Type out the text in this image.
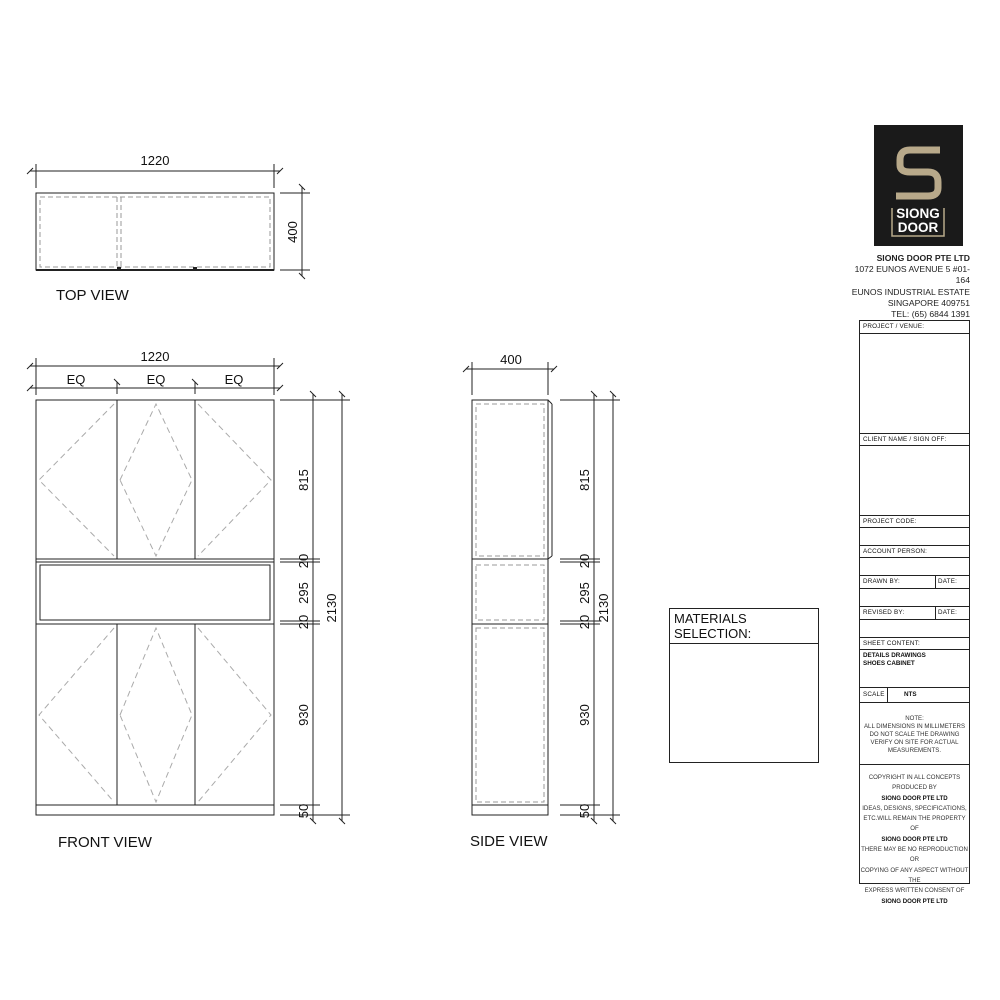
SIONG
DOOR
1220
400
TOP VIEW
1220
EQ	EQ	EQ
815
20
295
20
930
50
2130
FRONT VIEW
400
815
20
295
20
930
50
2130
SIDE VIEW
MATERIALS
SELECTION:
SIONG DOOR PTE LTD
1072 EUNOS AVENUE 5 #01-164
EUNOS INDUSTRIAL ESTATE
SINGAPORE 409751
TEL: (65) 6844 1391
PROJECT / VENUE:
CLIENT NAME / SIGN OFF:
PROJECT CODE:
ACCOUNT PERSON:
DRAWN BY:	DATE:
REVISED BY:	DATE:
SHEET CONTENT:
DETAILS DRAWINGS
SHOES CABINET
SCALE	NTS
NOTE:
ALL DIMENSIONS IN MILLIMETERS
DO NOT SCALE THE DRAWING
VERIFY ON SITE FOR ACTUAL
MEASUREMENTS.
COPYRIGHT IN ALL CONCEPTS
PRODUCED BY
SIONG DOOR PTE LTD
IDEAS, DESIGNS, SPECIFICATIONS,
ETC.WILL REMAIN THE PROPERTY OF
SIONG DOOR PTE LTD
THERE MAY BE NO REPRODUCTION OR
COPYING OF ANY ASPECT WITHOUT THE
EXPRESS WRITTEN CONSENT OF
SIONG DOOR PTE LTD
